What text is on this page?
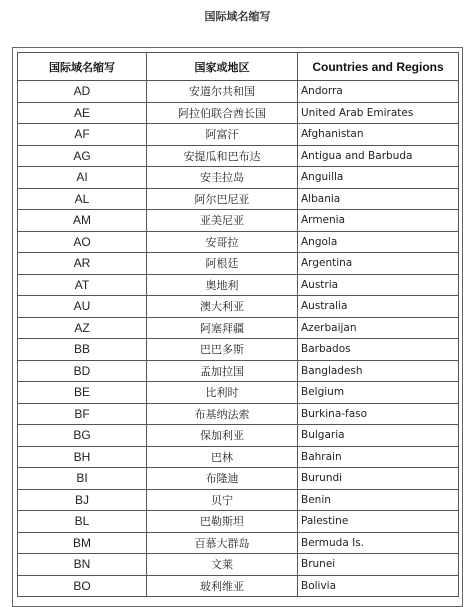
国际域名缩写
国际域名缩写	国家或地区	Countries and Regions
AD	安道尔共和国	Andorra
AE	阿拉伯联合酋长国	United Arab Emirates
AF	阿富汗	Afghanistan
AG	安提瓜和巴布达	Antigua and Barbuda
AI	安圭拉岛	Anguilla
AL	阿尔巴尼亚	Albania
AM	亚美尼亚	Armenia
AO	安哥拉	Angola
AR	阿根廷	Argentina
AT	奥地利	Austria
AU	澳大利亚	Australia
AZ	阿塞拜疆	Azerbaijan
BB	巴巴多斯	Barbados
BD	孟加拉国	Bangladesh
BE	比利时	Belgium
BF	布基纳法索	Burkina-faso
BG	保加利亚	Bulgaria
BH	巴林	Bahrain
BI	布隆迪	Burundi
BJ	贝宁	Benin
BL	巴勒斯坦	Palestine
BM	百慕大群岛	Bermuda Is.
BN	文莱	Brunei
BO	玻利维亚	Bolivia
